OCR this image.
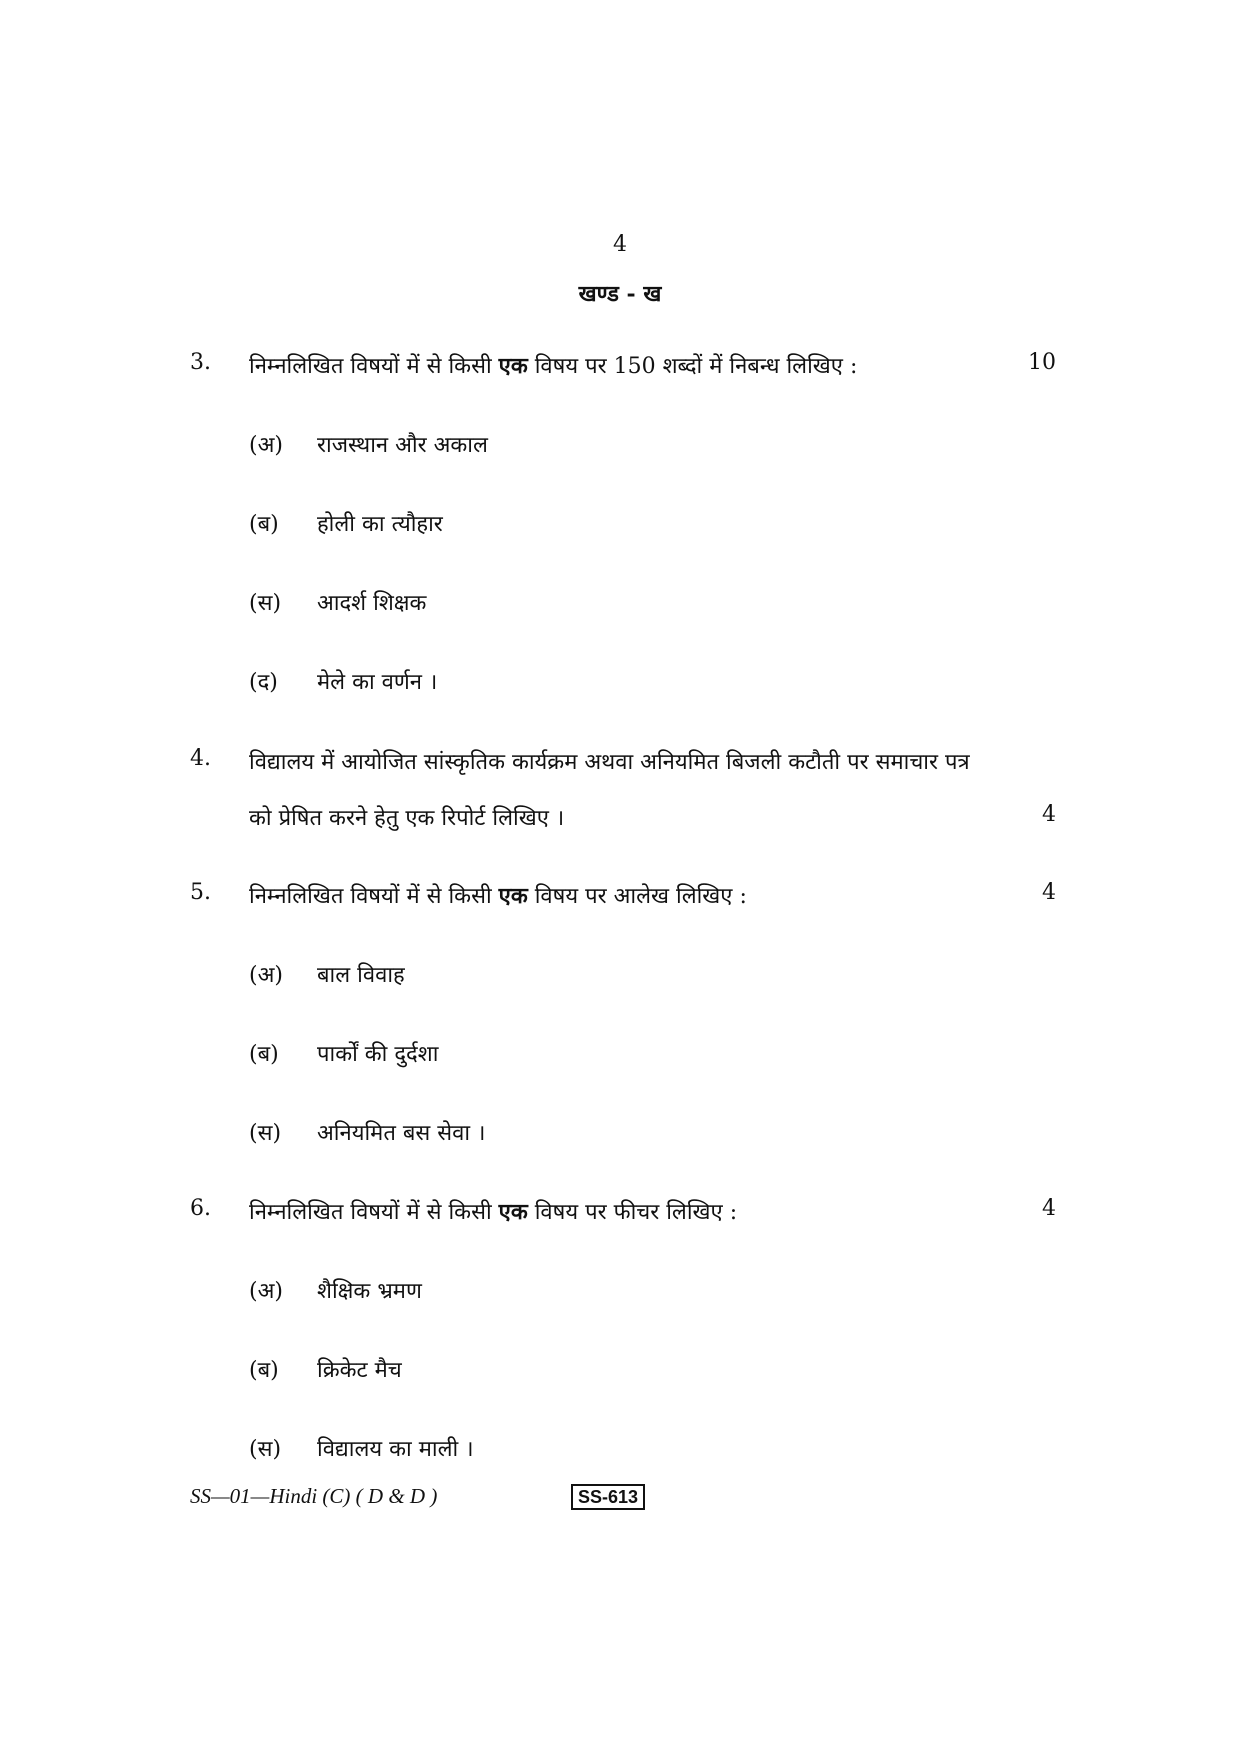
4
खण्ड - ख
3. निम्नलिखित विषयों में से किसी एक विषय पर 150 शब्दों में निबन्ध लिखिए :	10
(अ) राजस्थान और अकाल
(ब) होली का त्यौहार
(स) आदर्श शिक्षक
(द) मेले का वर्णन ।
4. विद्यालय में आयोजित सांस्कृतिक कार्यक्रम अथवा अनियमित बिजली कटौती पर समाचार पत्र
को प्रेषित करने हेतु एक रिपोर्ट लिखिए ।	4
5. निम्नलिखित विषयों में से किसी एक विषय पर आलेख लिखिए :	4
(अ) बाल विवाह
(ब) पार्कों की दुर्दशा
(स) अनियमित बस सेवा ।
6. निम्नलिखित विषयों में से किसी एक विषय पर फीचर लिखिए :	4
(अ) शैक्षिक भ्रमण
(ब) क्रिकेट मैच
(स) विद्यालय का माली ।
SS—01—Hindi (C) ( D & D )	SS-613
